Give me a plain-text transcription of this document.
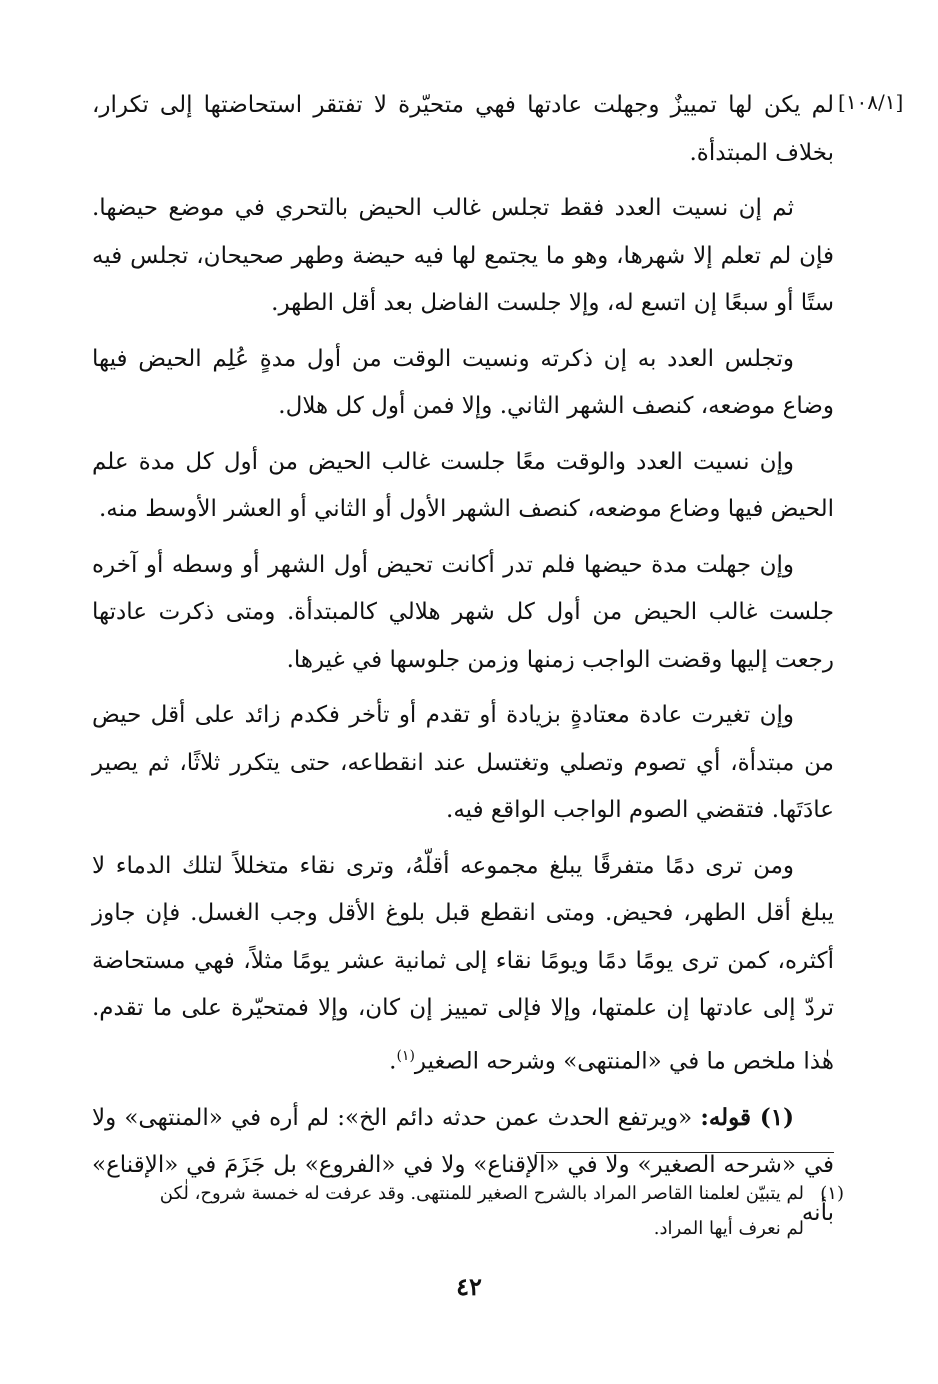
[١٠٨/١]

لم يكن لها تمييزٌ وجهلت عادتها فهي متحيّرة لا تفتقر استحاضتها إلى تكرار، بخلاف المبتدأة.

ثم إن نسيت العدد فقط تجلس غالب الحيض بالتحري في موضع حيضها. فإن لم تعلم إلا شهرها، وهو ما يجتمع لها فيه حيضة وطهر صحيحان، تجلس فيه ستًا أو سبعًا إن اتسع له، وإلا جلست الفاضل بعد أقل الطهر.

وتجلس العدد به إن ذكرته ونسيت الوقت من أول مدةٍ عُلِم الحيض فيها وضاع موضعه، كنصف الشهر الثاني. وإلا فمن أول كل هلال.

وإن نسيت العدد والوقت معًا جلست غالب الحيض من أول كل مدة علم الحيض فيها وضاع موضعه، كنصف الشهر الأول أو الثاني أو العشر الأوسط منه.

وإن جهلت مدة حيضها فلم تدر أكانت تحيض أول الشهر أو وسطه أو آخره جلست غالب الحيض من أول كل شهر هلالي كالمبتدأة. ومتى ذكرت عادتها رجعت إليها وقضت الواجب زمنها وزمن جلوسها في غيرها.

وإن تغيرت عادة معتادةٍ بزيادة أو تقدم أو تأخر فكدم زائد على أقل حيض من مبتدأة، أي تصوم وتصلي وتغتسل عند انقطاعه، حتى يتكرر ثلاثًا، ثم يصير عادَتَها. فتقضي الصوم الواجب الواقع فيه.

ومن ترى دمًا متفرقًا يبلغ مجموعه أقلّهُ، وترى نقاء متخللاً لتلك الدماء لا يبلغ أقل الطهر، فحيض. ومتى انقطع قبل بلوغ الأقل وجب الغسل. فإن جاوز أكثره، كمن ترى يومًا دمًا ويومًا نقاء إلى ثمانية عشر يومًا مثلاً، فهي مستحاضة تردّ إلى عادتها إن علمتها، وإلا فإلى تمييز إن كان، وإلا فمتحيّرة على ما تقدم. هٰذا ملخص ما في «المنتهى» وشرحه الصغير$^{(١)}$.

(١) قوله: «ويرتفع الحدث عمن حدثه دائم الخ»: لم أره في «المنتهى» ولا في «شرحه الصغير» ولا في «الإقناع» ولا في «الفروع» بل جَزَمَ في «الإقناع» بأنه

(١)لم يتبيّن لعلمنا القاصر المراد بالشرح الصغير للمنتهى. وقد عرفت له خمسة شروح، لٰكن
لم نعرف أيها المراد.
٤٢
